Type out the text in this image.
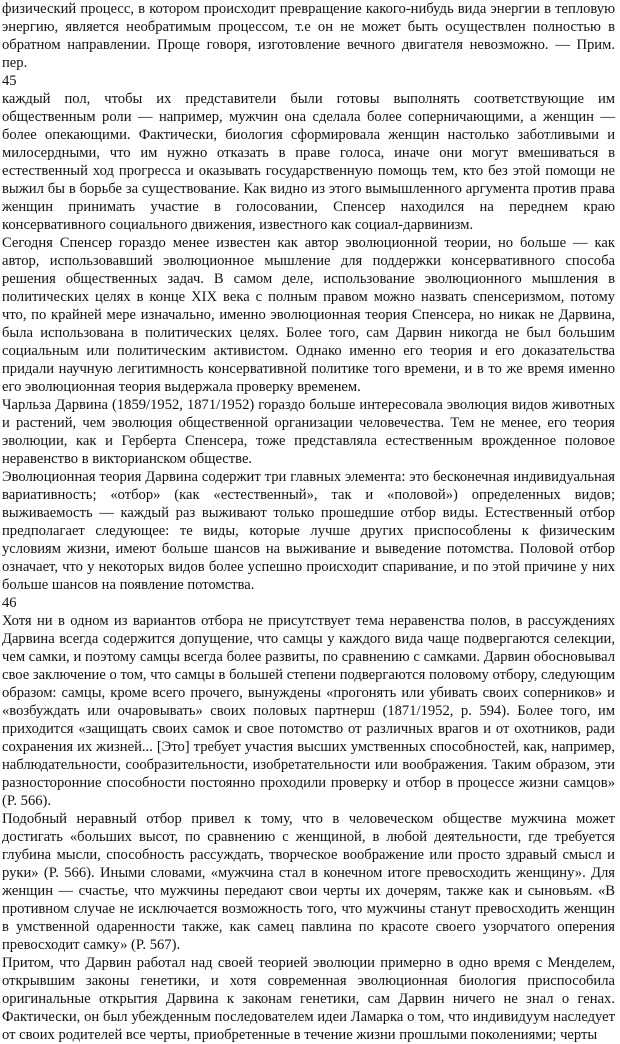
физический процесс, в котором происходит превращение какого-нибудь вида энергии в тепловую энергию, является необратимым процессом, т.е он не может быть осуществлен полностью в обратном направлении. Проще говоря, изготовление вечного двигателя невозможно. — Прим. пер.

45

каждый пол, чтобы их представители были готовы выполнять соответствующие им общественным роли — например, мужчин она сделала более соперничающими, а женщин — более опекающими. Фактически, биология сформировала женщин настолько заботливыми и милосердными, что им нужно отказать в праве голоса, иначе они могут вмешиваться в естественный ход прогресса и оказывать государственную помощь тем, кто без этой помощи не выжил бы в борьбе за существование. Как видно из этого вымышленного аргумента против права женщин принимать участие в голосовании, Спенсер находился на переднем краю консервативного социального движения, известного как социал-дарвинизм.

Сегодня Спенсер гораздо менее известен как автор эволюционной теории, но больше — как автор, использовавший эволюционное мышление для поддержки консервативного способа решения общественных задач. В самом деле, использование эволюционного мышления в политических целях в конце XIX века с полным правом можно назвать спенсеризмом, потому что, по крайней мере изначально, именно эволюционная теория Спенсера, но никак не Дарвина, была использована в политических целях. Более того, сам Дарвин никогда не был большим социальным или политическим активистом. Однако именно его теория и его доказательства придали научную легитимность консервативной политике того времени, и в то же время именно его эволюционная теория выдержала проверку временем.

Чарльза Дарвина (1859/1952, 1871/1952) гораздо больше интересовала эволюция видов животных и растений, чем эволюция общественной организации человечества. Тем не менее, его теория эволюции, как и Герберта Спенсера, тоже представляла естественным врожденное половое неравенство в викторианском обществе.

Эволюционная теория Дарвина содержит три главных элемента: это бесконечная индивидуальная вариативность; «отбор» (как «естественный», так и «половой») определенных видов; выживаемость — каждый раз выживают только прошедшие отбор виды. Естественный отбор предполагает следующее: те виды, которые лучше других приспособлены к физическим условиям жизни, имеют больше шансов на выживание и выведение потомства. Половой отбор означает, что у некоторых видов более успешно происходит спаривание, и по этой причине у них больше шансов на появление потомства.

46

Хотя ни в одном из вариантов отбора не присутствует тема неравенства полов, в рассуждениях Дарвина всегда содержится допущение, что самцы у каждого вида чаще подвергаются селекции, чем самки, и поэтому самцы всегда более развиты, по сравнению с самками. Дарвин обосновывал свое заключение о том, что самцы в большей степени подвергаются половому отбору, следующим образом: самцы, кроме всего прочего, вынуждены «прогонять или убивать своих соперников» и «возбуждать или очаровывать» своих половых партнерш (1871/1952, p. 594). Более того, им приходится «защищать своих самок и свое потомство от различных врагов и от охотников, ради сохранения их жизней... [Это] требует участия высших умственных способностей, как, например, наблюдательности, сообразительности, изобретательности или воображения. Таким образом, эти разносторонние способности постоянно проходили проверку и отбор в процессе жизни самцов» (P. 566).

Подобный неравный отбор привел к тому, что в человеческом обществе мужчина может достигать «больших высот, по сравнению с женщиной, в любой деятельности, где требуется глубина мысли, способность рассуждать, творческое воображение или просто здравый смысл и руки» (P. 566). Иными словами, «мужчина стал в конечном итоге превосходить женщину». Для женщин — счастье, что мужчины передают свои черты их дочерям, также как и сыновьям. «В противном случае не исключается возможность того, что мужчины станут превосходить женщин в умственной одаренности также, как самец павлина по красоте своего узорчатого оперения превосходит самку» (P. 567).

Притом, что Дарвин работал над своей теорией эволюции примерно в одно время с Менделем, открывшим законы генетики, и хотя современная эволюционная биология приспособила оригинальные открытия Дарвина к законам генетики, сам Дарвин ничего не знал о генах. Фактически, он был убежденным последователем идеи Ламарка о том, что индивидуум наследует от своих родителей все черты, приобретенные в течение жизни прошлыми поколениями; черты
